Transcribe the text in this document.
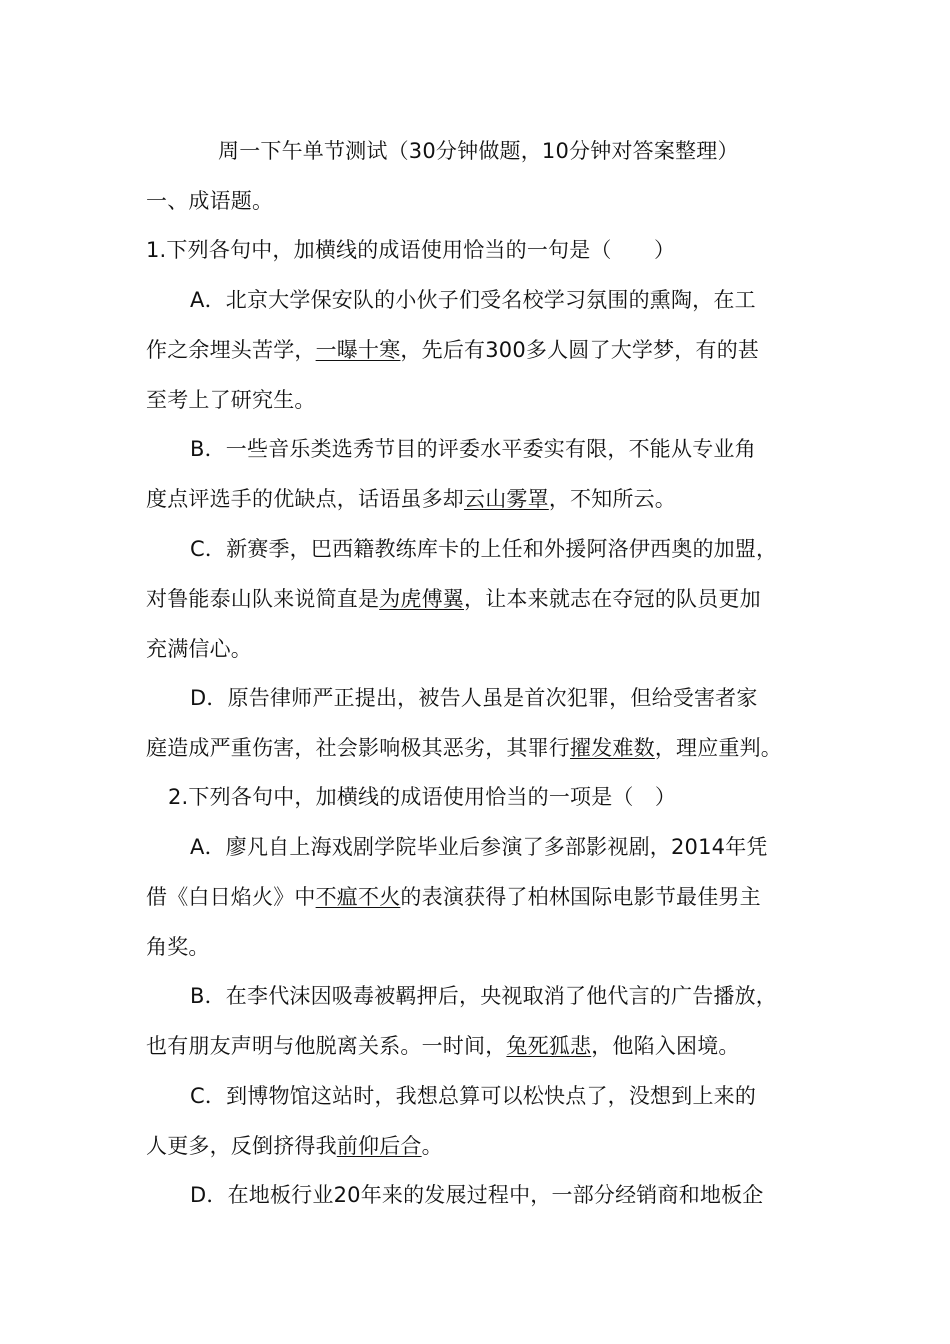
周一下午单节测试（30分钟做题，10分钟对答案整理）
一、成语题。
1.下列各句中，加横线的成语使用恰当的一句是（　　）
A．北京大学保安队的小伙子们受名校学习氛围的熏陶，在工
作之余埋头苦学，一曝十寒，先后有300多人圆了大学梦，有的甚
至考上了研究生。
B．一些音乐类选秀节目的评委水平委实有限，不能从专业角
度点评选手的优缺点，话语虽多却云山雾罩，不知所云。
C．新赛季，巴西籍教练库卡的上任和外援阿洛伊西奥的加盟，
对鲁能泰山队来说简直是为虎傅翼，让本来就志在夺冠的队员更加
充满信心。
D．原告律师严正提出，被告人虽是首次犯罪，但给受害者家
庭造成严重伤害，社会影响极其恶劣，其罪行擢发难数，理应重判。
2.下列各句中，加横线的成语使用恰当的一项是（　）
A．廖凡自上海戏剧学院毕业后参演了多部影视剧，2014年凭
借《白日焰火》中不瘟不火的表演获得了柏林国际电影节最佳男主
角奖。
B．在李代沫因吸毒被羁押后，央视取消了他代言的广告播放，
也有朋友声明与他脱离关系。一时间，兔死狐悲，他陷入困境。
C．到博物馆这站时，我想总算可以松快点了，没想到上来的
人更多，反倒挤得我前仰后合。
D．在地板行业20年来的发展过程中，一部分经销商和地板企
